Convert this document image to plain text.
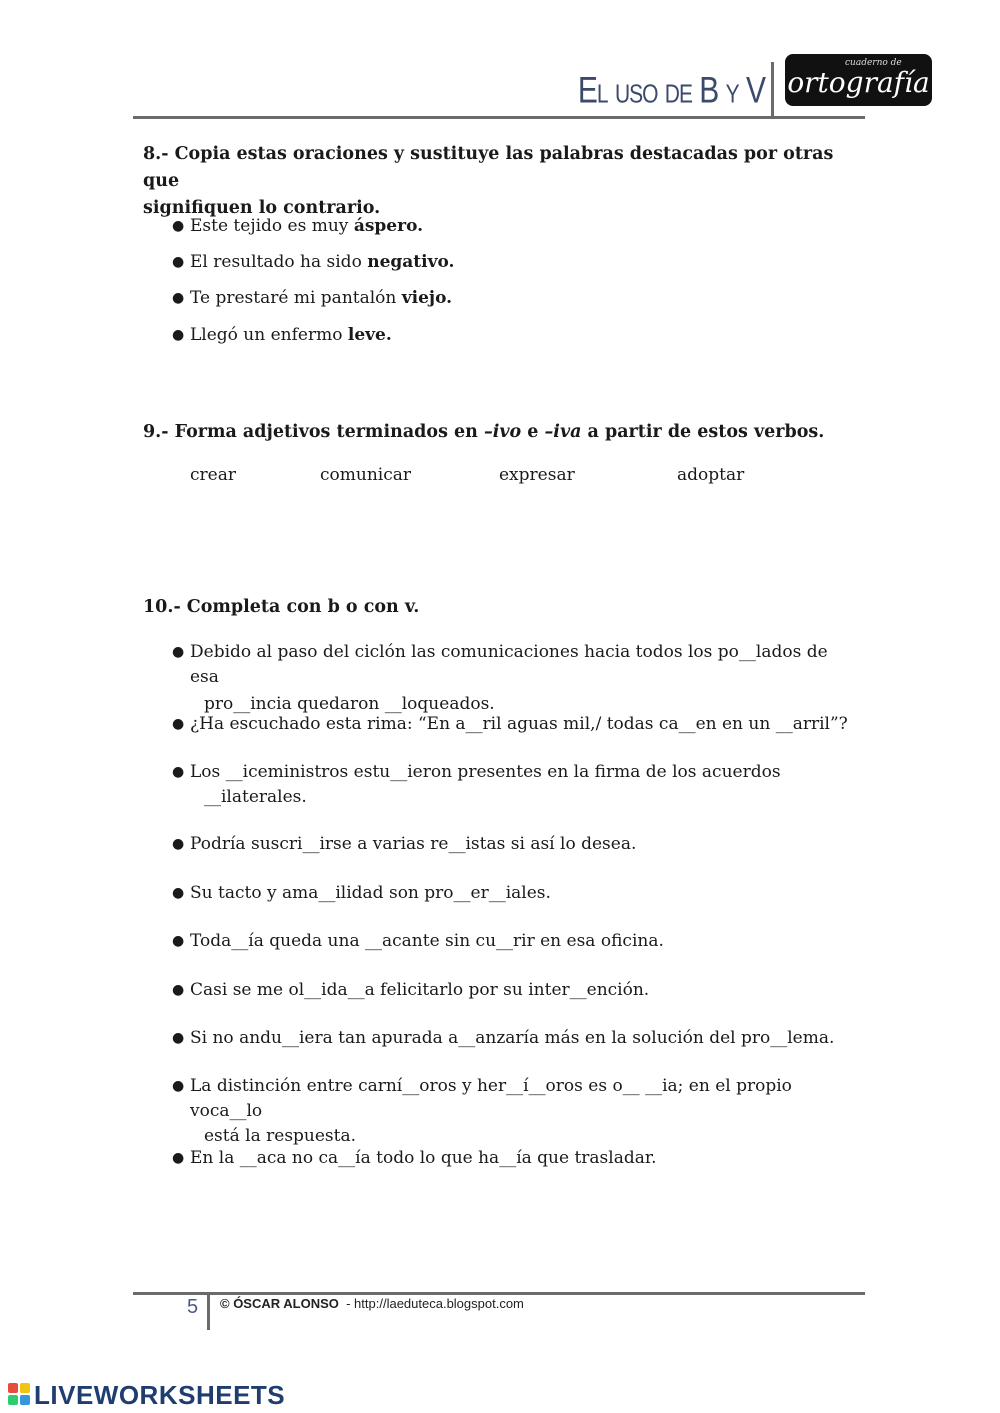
El uso de B y V
cuaderno de
ortografía
8.- Copia estas oraciones y sustituye las palabras destacadas por otras que
signifiquen lo contrario.
● Este tejido es muy áspero.
● El resultado ha sido negativo.
● Te prestaré mi pantalón viejo.
● Llegó un enfermo leve.
9.- Forma adjetivos terminados en –ivo e –iva a partir de estos verbos.
crear	comunicar	expresar	adoptar
10.- Completa con b o con v.
● Debido al paso del ciclón las comunicaciones hacia todos los po__lados de esa
pro__incia quedaron __loqueados.
● ¿Ha escuchado esta rima: “En a__ril aguas mil,/ todas ca__en en un __arril”?
● Los __iceministros estu__ieron presentes en la firma de los acuerdos
__ilaterales.
● Podría suscri__irse a varias re__istas si así lo desea.
● Su tacto y ama__ilidad son pro__er__iales.
● Toda__ía queda una __acante sin cu__rir en esa oficina.
● Casi se me ol__ida__a felicitarlo por su inter__ención.
● Si no andu__iera tan apurada a__anzaría más en la solución del pro__lema.
● La distinción entre carní__oros y her__í__oros es o__ __ia; en el propio voca__lo
está la respuesta.
● En la __aca no ca__ía todo lo que ha__ía que trasladar.
5 © ÓSCAR ALONSO  - http://laeduteca.blogspot.com
LIVEWORKSHEETS
